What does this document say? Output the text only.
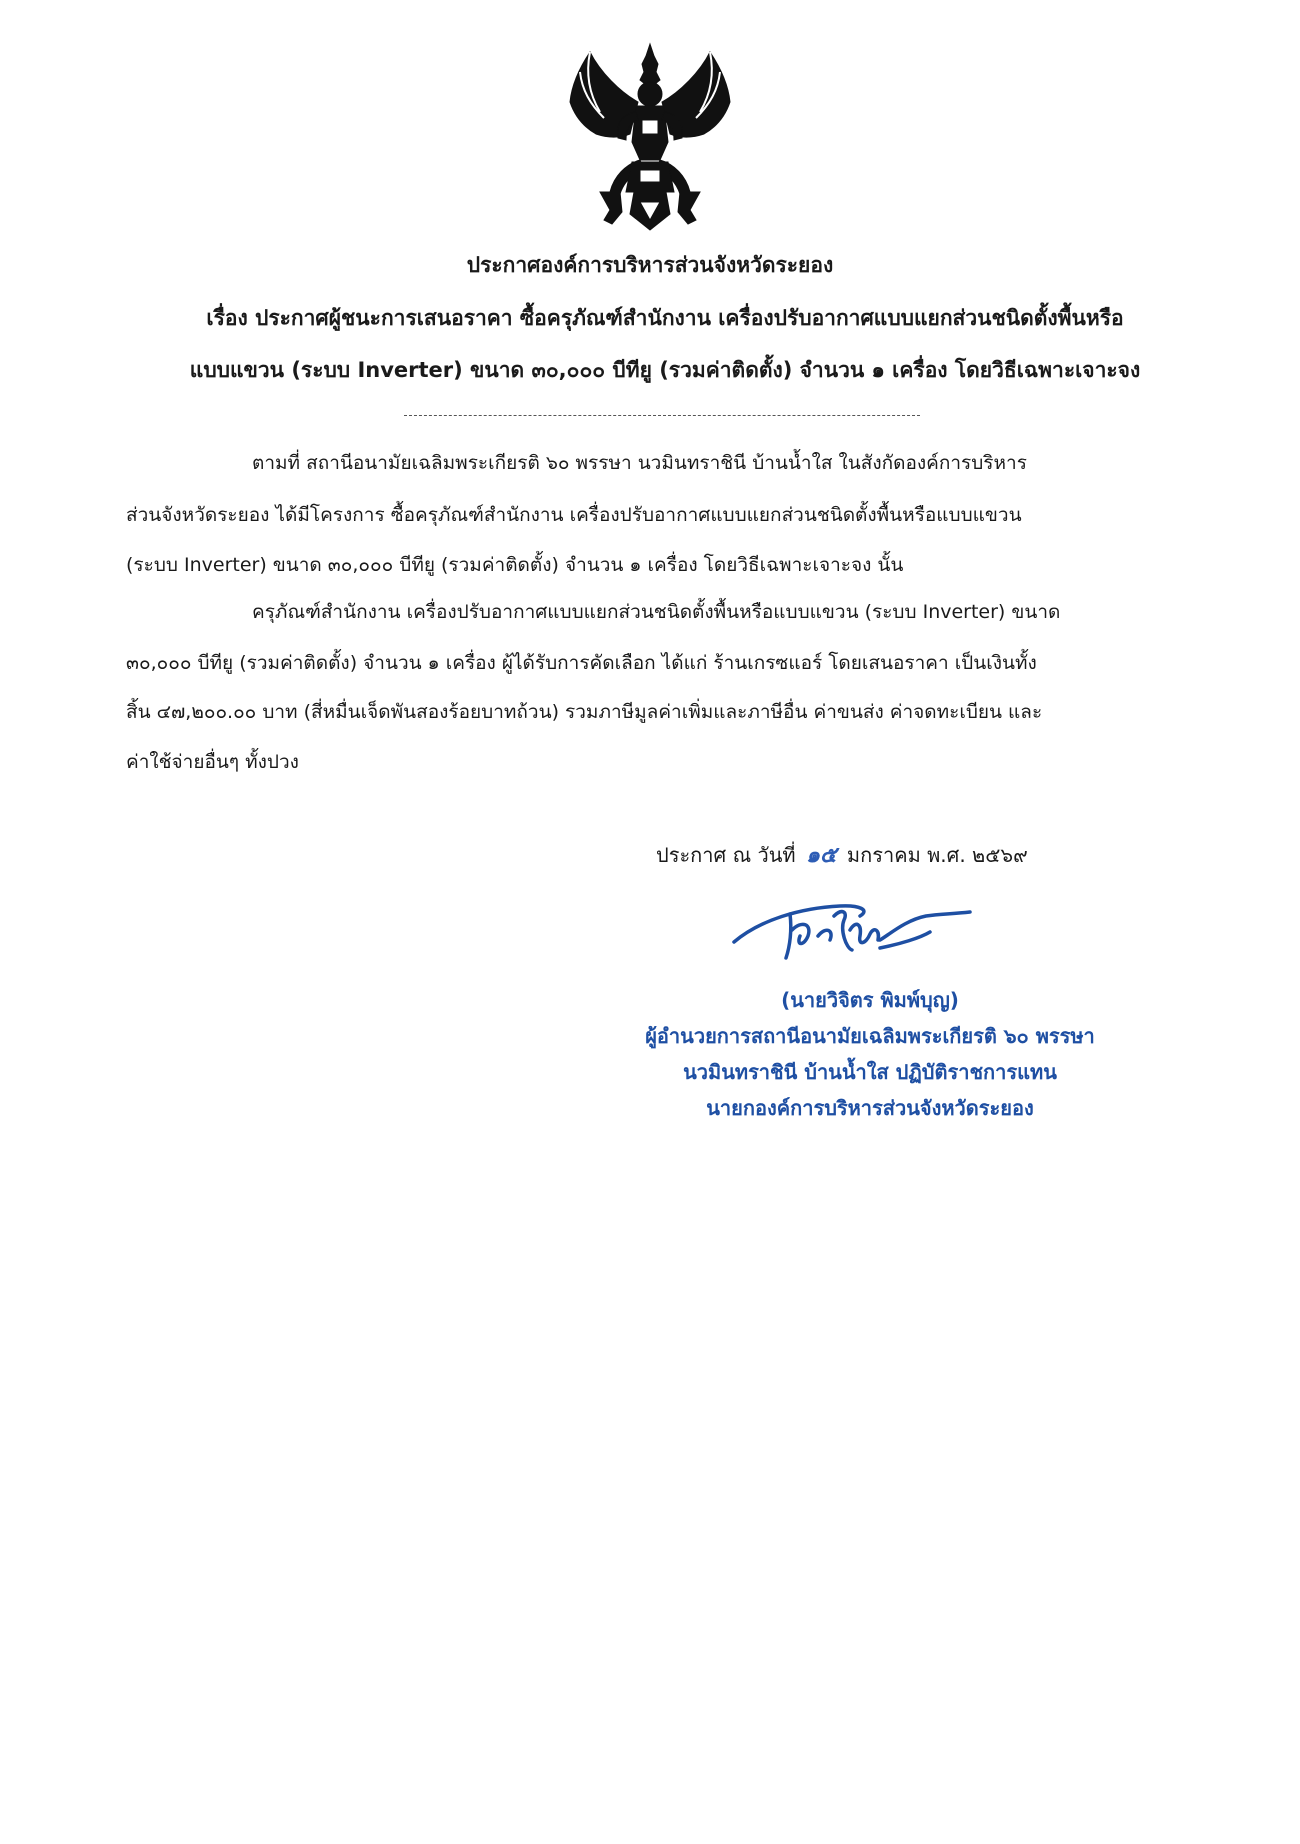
ประกาศองค์การบริหารส่วนจังหวัดระยอง
เรื่อง ประกาศผู้ชนะการเสนอราคา ซื้อครุภัณฑ์สำนักงาน เครื่องปรับอากาศแบบแยกส่วนชนิดตั้งพื้นหรือ
แบบแขวน (ระบบ Inverter) ขนาด ๓๐,๐๐๐ บีทียู (รวมค่าติดตั้ง) จำนวน ๑ เครื่อง โดยวิธีเฉพาะเจาะจง
ตามที่ สถานีอนามัยเฉลิมพระเกียรติ ๖๐ พรรษา นวมินทราชินี บ้านน้ำใส ในสังกัดองค์การบริหาร
ส่วนจังหวัดระยอง ได้มีโครงการ ซื้อครุภัณฑ์สำนักงาน เครื่องปรับอากาศแบบแยกส่วนชนิดตั้งพื้นหรือแบบแขวน
(ระบบ Inverter) ขนาด ๓๐,๐๐๐ บีทียู (รวมค่าติดตั้ง) จำนวน ๑ เครื่อง โดยวิธีเฉพาะเจาะจง นั้น
ครุภัณฑ์สำนักงาน เครื่องปรับอากาศแบบแยกส่วนชนิดตั้งพื้นหรือแบบแขวน (ระบบ Inverter) ขนาด
๓๐,๐๐๐ บีทียู (รวมค่าติดตั้ง) จำนวน ๑ เครื่อง ผู้ได้รับการคัดเลือก ได้แก่ ร้านเกรซแอร์ โดยเสนอราคา เป็นเงินทั้ง
สิ้น ๔๗,๒๐๐.๐๐ บาท (สี่หมื่นเจ็ดพันสองร้อยบาทถ้วน) รวมภาษีมูลค่าเพิ่มและภาษีอื่น ค่าขนส่ง ค่าจดทะเบียน และ
ค่าใช้จ่ายอื่นๆ ทั้งปวง
ประกาศ ณ วันที่ ๑๕ มกราคม พ.ศ. ๒๕๖๙
(นายวิจิตร พิมพ์บุญ)
ผู้อำนวยการสถานีอนามัยเฉลิมพระเกียรติ ๖๐ พรรษา
นวมินทราชินี บ้านน้ำใส ปฏิบัติราชการแทน
นายกองค์การบริหารส่วนจังหวัดระยอง
